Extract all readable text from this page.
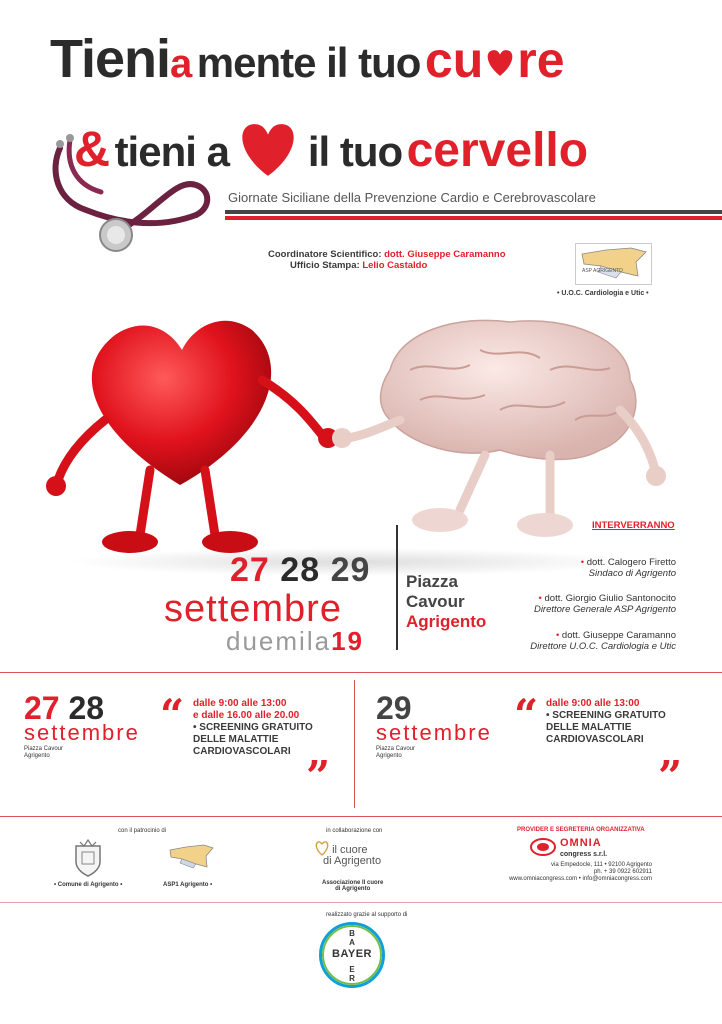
Tienia mente il tuo cu re
& tieni a il tuo cervello
Giornate Siciliane della Prevenzione Cardio e Cerebrovascolare
Coordinatore Scientifico: dott. Giuseppe Caramanno
Ufficio Stampa: Lelio Castaldo	ASP AGRIGENTO
• U.O.C. Cardiologia e Utic •
27 28 29
settembre
duemila19
Piazza
Cavour
Agrigento
INTERVERRANNO
• dott. Calogero Firetto
Sindaco di Agrigento
• dott. Giorgio Giulio Santonocito
Direttore Generale ASP Agrigento
• dott. Giuseppe Caramanno
Direttore U.O.C. Cardiologia e Utic
27 28
settembre
Piazza Cavour
Agrigento
“ dalle 9:00 alle 13:00
e dalle 16.00 alle 20.00
• SCREENING GRATUITO
DELLE MALATTIE
CARDIOVASCOLARI
”
29
settembre
Piazza Cavour
Agrigento
“ dalle 9:00 alle 13:00
• SCREENING GRATUITO
DELLE MALATTIE
CARDIOVASCOLARI
”
con il patrocinio di
• Comune di Agrigento •	ASP1 Agrigento •
in collaborazione con
il cuore
di Agrigento
Associazione Il cuore
di Agrigento
PROVIDER E SEGRETERIA ORGANIZZATIVA
OMNIA
congress s.r.l.
via Empedocle, 111 • 92100 Agrigento
ph. + 39 0922 602911
www.omniacongress.com • info@omniacongress.com
realizzato grazie al supporto di
BAYER
B
A

E
R
